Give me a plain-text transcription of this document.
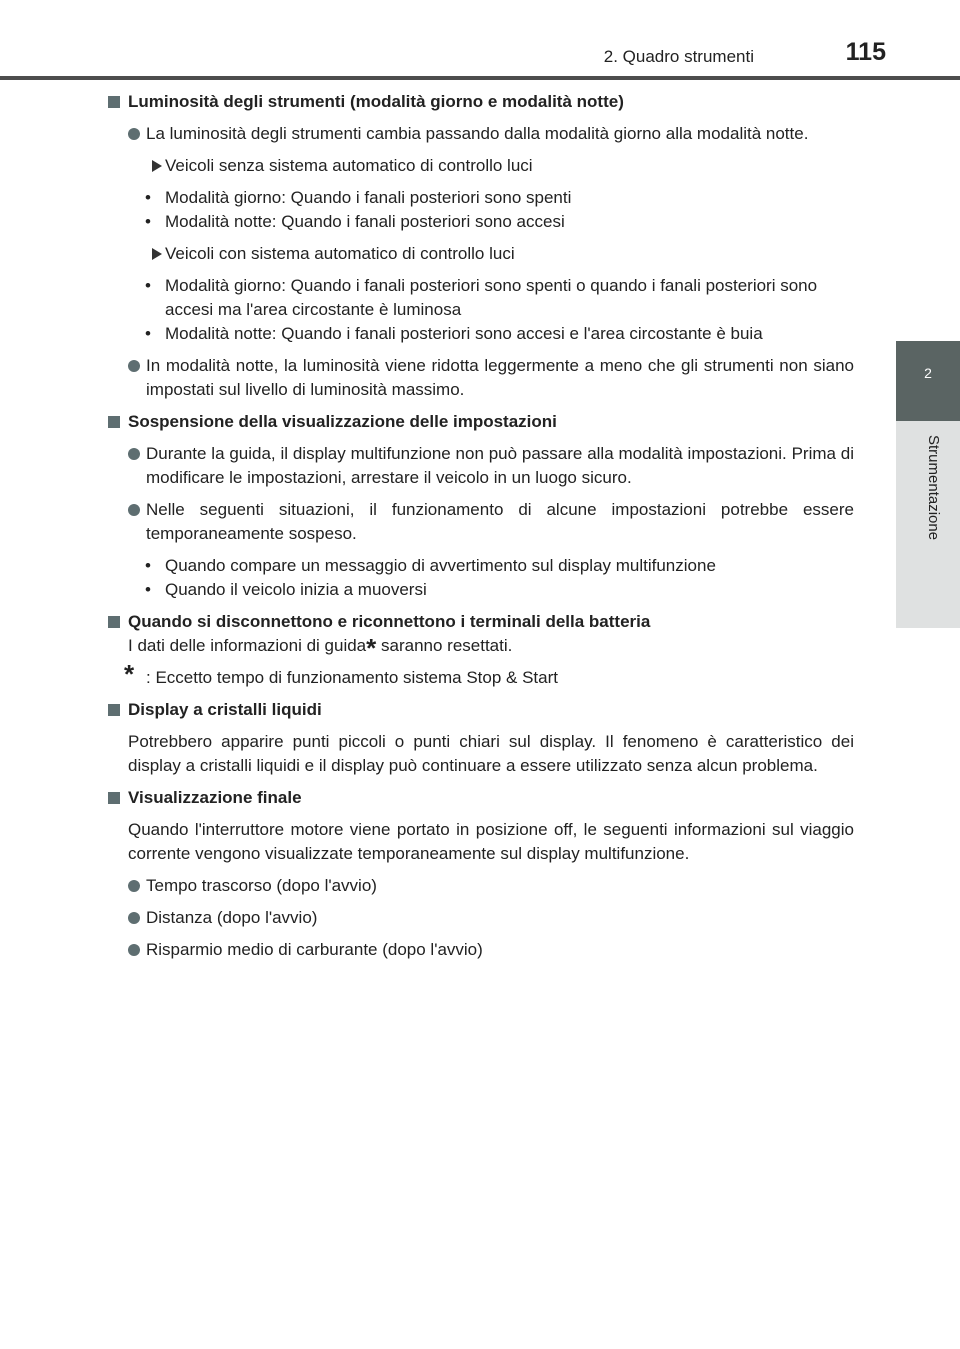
2. Quadro strumenti	115
2
Strumentazione
Luminosità degli strumenti (modalità giorno e modalità notte)
La luminosità degli strumenti cambia passando dalla modalità giorno alla modalità notte.
Veicoli senza sistema automatico di controllo luci
• Modalità giorno: Quando i fanali posteriori sono spenti
• Modalità notte: Quando i fanali posteriori sono accesi
Veicoli con sistema automatico di controllo luci
• Modalità giorno: Quando i fanali posteriori sono spenti o quando i fanali posteriori sono accesi ma l'area circostante è luminosa
• Modalità notte: Quando i fanali posteriori sono accesi e l'area circostante è buia
In modalità notte, la luminosità viene ridotta leggermente a meno che gli strumenti non siano impostati sul livello di luminosità massimo.
Sospensione della visualizzazione delle impostazioni
Durante la guida, il display multifunzione non può passare alla modalità impostazioni. Prima di modificare le impostazioni, arrestare il veicolo in un luogo sicuro.
Nelle seguenti situazioni, il funzionamento di alcune impostazioni potrebbe essere temporaneamente sospeso.
• Quando compare un messaggio di avvertimento sul display multifunzione
• Quando il veicolo inizia a muoversi
Quando si disconnettono e riconnettono i terminali della batteria
I dati delle informazioni di guida* saranno resettati.
* : Eccetto tempo di funzionamento sistema Stop & Start
Display a cristalli liquidi
Potrebbero apparire punti piccoli o punti chiari sul display. Il fenomeno è caratteristico dei display a cristalli liquidi e il display può continuare a essere utilizzato senza alcun problema.
Visualizzazione finale
Quando l'interruttore motore viene portato in posizione off, le seguenti informazioni sul viaggio corrente vengono visualizzate temporaneamente sul display multifunzione.
Tempo trascorso (dopo l'avvio)
Distanza (dopo l'avvio)
Risparmio medio di carburante (dopo l'avvio)
